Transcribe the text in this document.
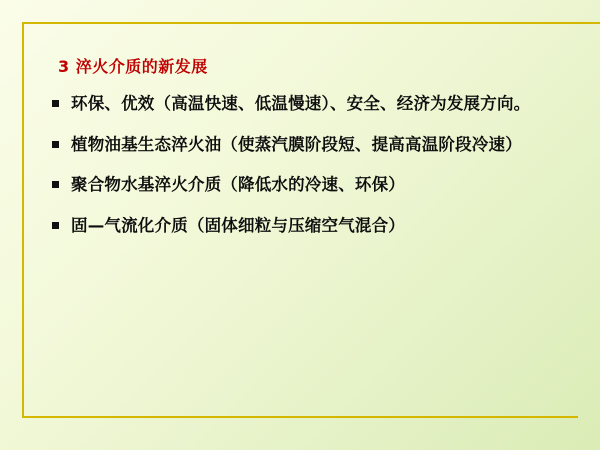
3 淬火介质的新发展
环保、优效（高温快速、低温慢速）、安全、经济为发展方向。
植物油基生态淬火油（使蒸汽膜阶段短、提高高温阶段冷速）
聚合物水基淬火介质（降低水的冷速、环保）
固—气流化介质（固体细粒与压缩空气混合）
